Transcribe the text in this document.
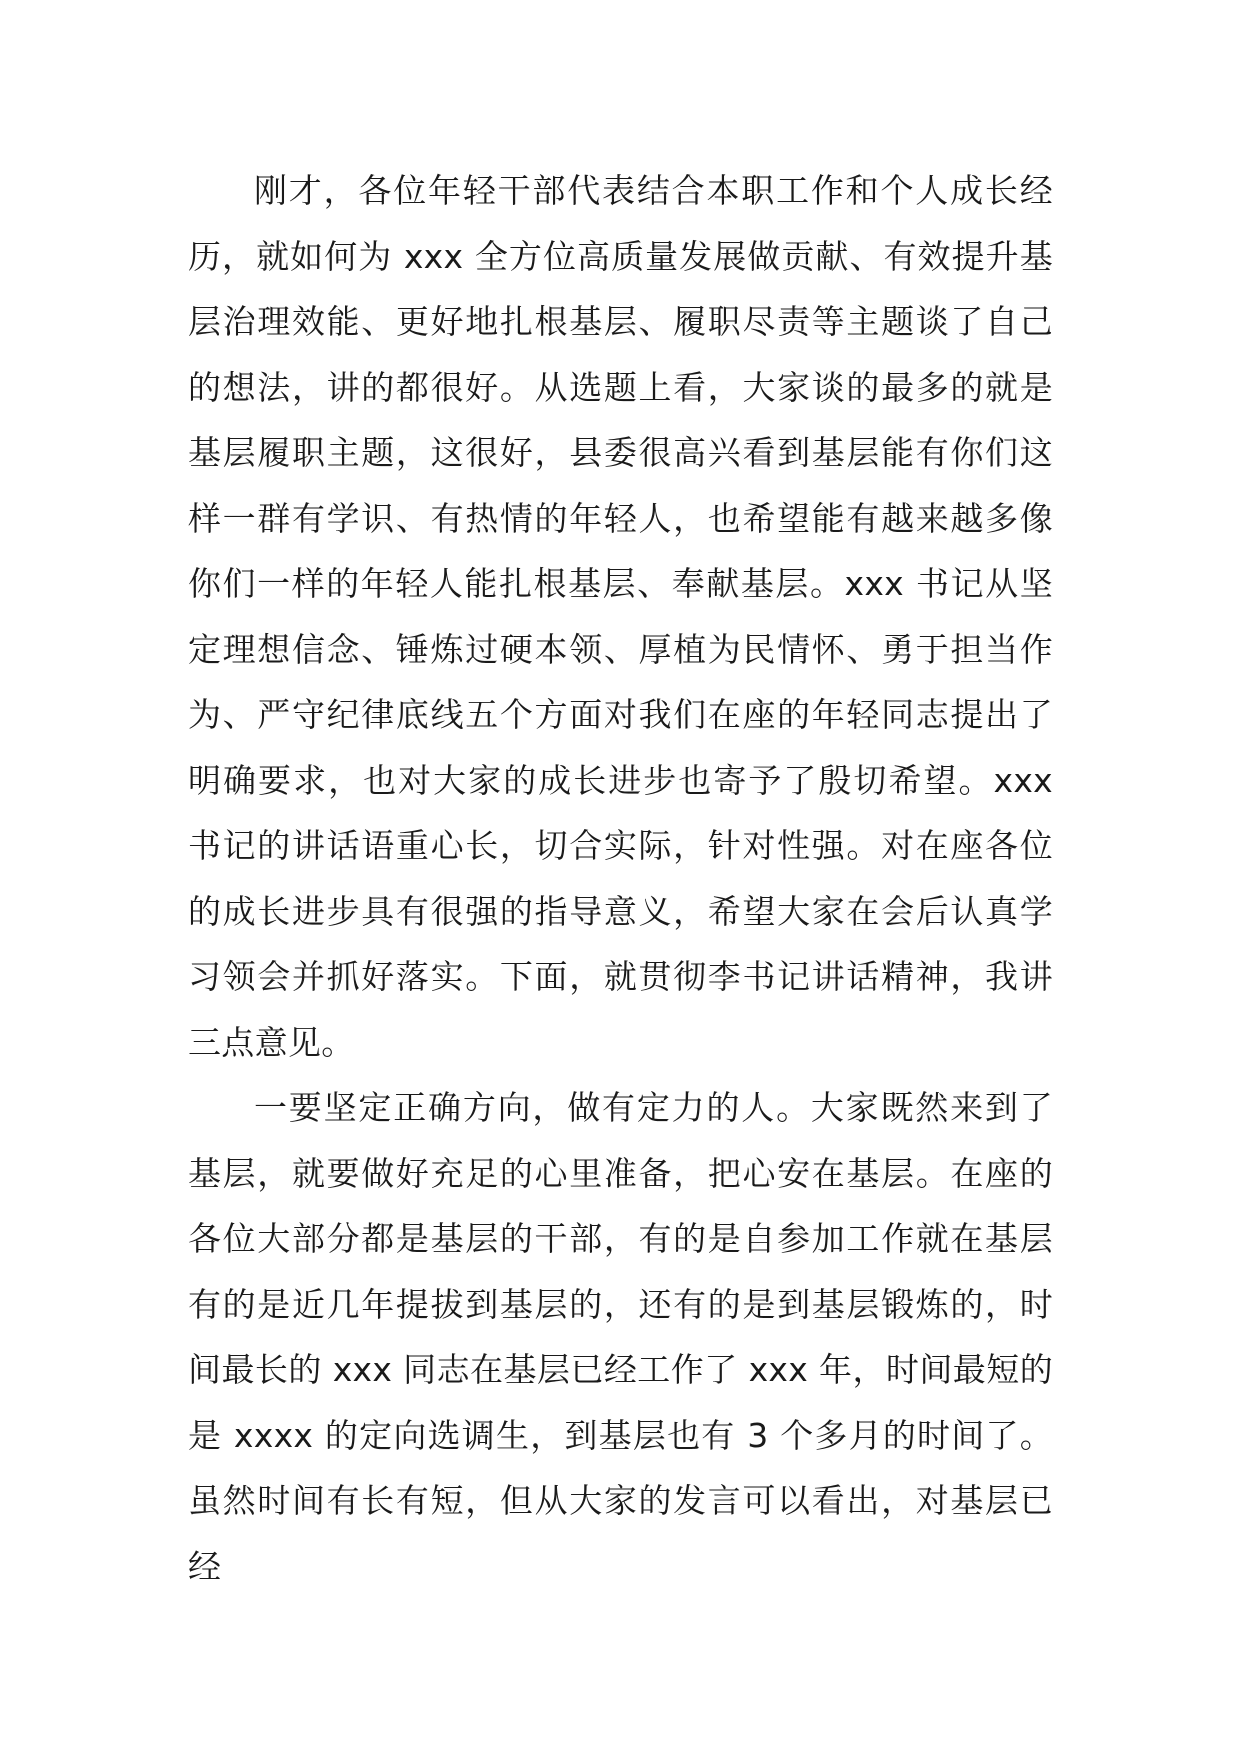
刚才，各位年轻干部代表结合本职工作和个人成长经历，就如何为 xxx 全方位高质量发展做贡献、有效提升基层治理效能、更好地扎根基层、履职尽责等主题谈了自己的想法，讲的都很好。从选题上看，大家谈的最多的就是基层履职主题，这很好，县委很高兴看到基层能有你们这样一群有学识、有热情的年轻人，也希望能有越来越多像你们一样的年轻人能扎根基层、奉献基层。xxx 书记从坚定理想信念、锤炼过硬本领、厚植为民情怀、勇于担当作为、严守纪律底线五个方面对我们在座的年轻同志提出了明确要求，也对大家的成长进步也寄予了殷切希望。xxx 书记的讲话语重心长，切合实际，针对性强。对在座各位的成长进步具有很强的指导意义，希望大家在会后认真学习领会并抓好落实。下面，就贯彻李书记讲话精神，我讲三点意见。

一要坚定正确方向，做有定力的人。大家既然来到了基层，就要做好充足的心里准备，把心安在基层。在座的各位大部分都是基层的干部，有的是自参加工作就在基层有的是近几年提拔到基层的，还有的是到基层锻炼的，时间最长的 xxx 同志在基层已经工作了 xxx 年，时间最短的是 xxxx 的定向选调生，到基层也有 3 个多月的时间了。虽然时间有长有短，但从大家的发言可以看出，对基层已经
